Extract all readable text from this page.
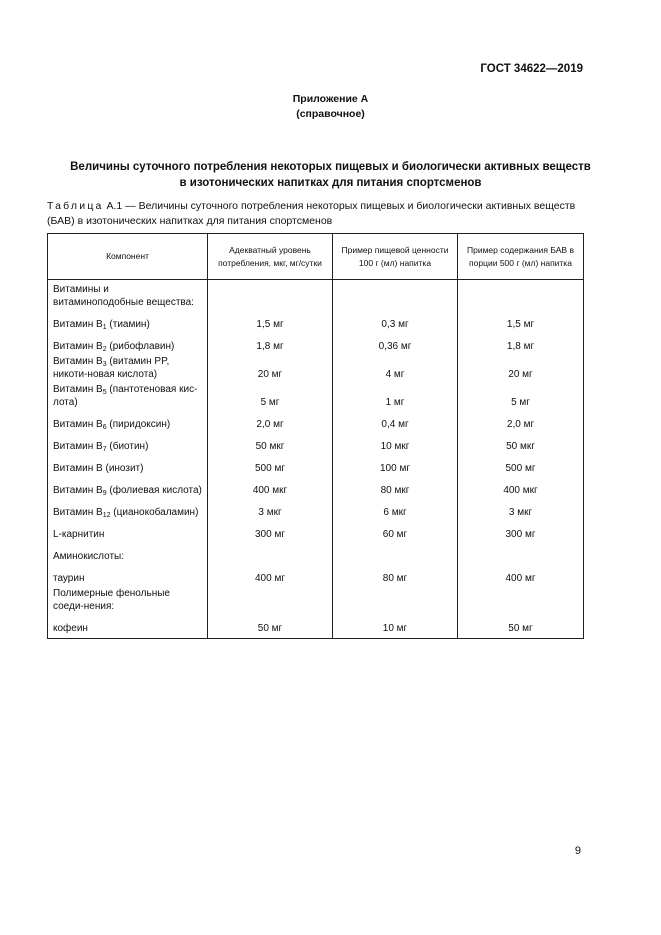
ГОСТ 34622—2019
Приложение А
(справочное)
Величины суточного потребления некоторых пищевых и биологически активных веществ
в изотонических напитках для питания спортсменов
Таблица А.1 — Величины суточного потребления некоторых пищевых и биологически активных веществ (БАВ) в изотонических напитках для питания спортсменов
Компонент	Адекватный уровень потребления, мкг, мг/сутки	Пример пищевой ценности 100 г (мл) напитка	Пример содержания БАВ в порции 500 г (мл) напитка
Витамины и витаминоподобные вещества:			
Витамин $B_1$ (тиамин)	1,5 мг	0,3 мг	1,5 мг
Витамин $B_2$ (рибофлавин)	1,8 мг	0,36 мг	1,8 мг
Витамин $B_3$ (витамин PP, никоти-новая кислота)	20 мг	4 мг	20 мг
Витамин $B_5$ (пантотеновая кис-лота)	5 мг	1 мг	5 мг
Витамин $B_6$ (пиридоксин)	2,0 мг	0,4 мг	2,0 мг
Витамин $B_7$ (биотин)	50 мкг	10 мкг	50 мкг
Витамин B (инозит)	500 мг	100 мг	500 мг
Витамин $B_9$ (фолиевая кислота)	400 мкг	80 мкг	400 мкг
Витамин $B_{12}$ (цианокобаламин)	3 мкг	6 мкг	3 мкг
L-карнитин	300 мг	60 мг	300 мг
Аминокислоты:			
таурин	400 мг	80 мг	400 мг
Полимерные фенольные соеди-нения:			
кофеин	50 мг	10 мг	50 мг
9
